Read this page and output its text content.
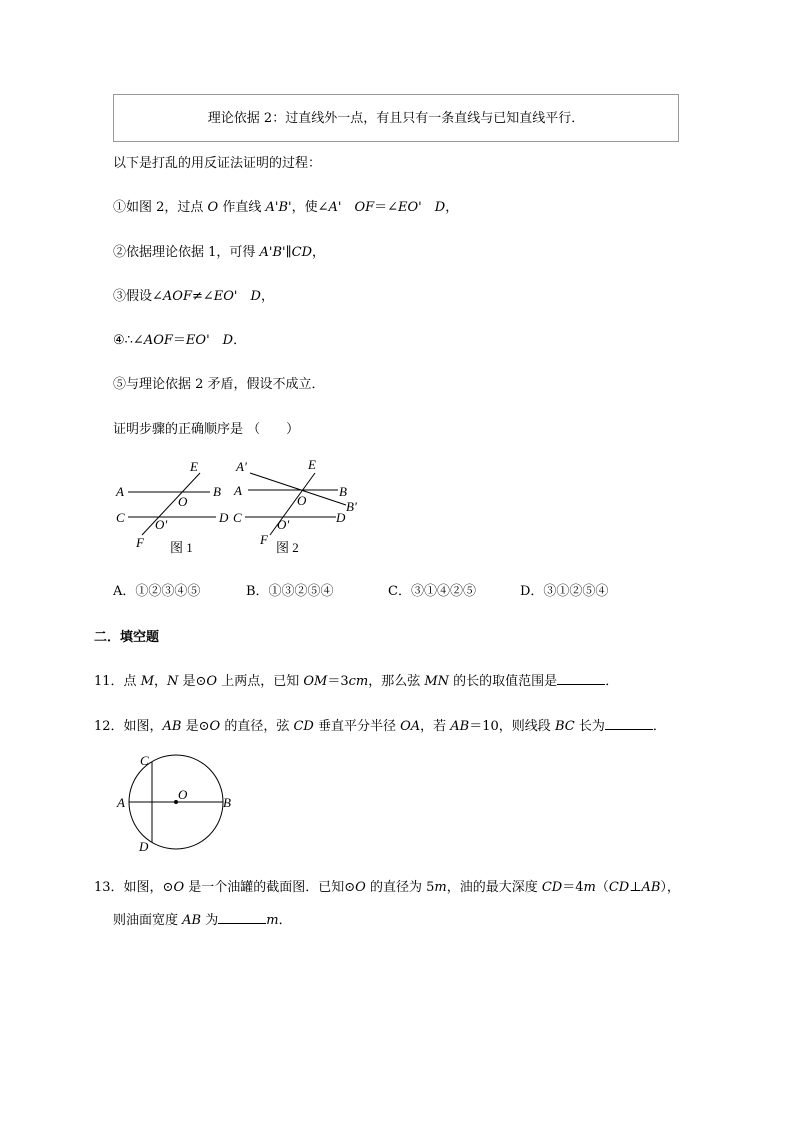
理论依据 2：过直线外一点，有且只有一条直线与已知直线平行．
以下是打乱的用反证法证明的过程：
①如图 2，过点 O 作直线 A'B'，使∠A'　OF＝∠EO'　D，
②依据理论依据 1，可得 A'B'∥CD，
③假设∠AOF≠∠EO'　D，
④∴∠AOF＝EO'　D．
⑤与理论依据 2 矛盾，假设不成立．
证明步骤的正确顺序是 （　　）
E
A	B
O
C	D
O'
F 图 1
A'	E
A	B
B'
O
C	D
O'
F
图 2
A．①②③④⑤	B．①③②⑤④	C．③①④②⑤	D．③①②⑤④
二．填空题
11．点 M，N 是⊙O 上两点，已知 OM＝3cm，那么弦 MN 的长的取值范围是	．
12．如图，AB 是⊙O 的直径，弦 CD 垂直平分半径 OA，若 AB＝10，则线段 BC 长为	．
C
O
A	B
D
13．如图，⊙O 是一个油罐的截面图．已知⊙O 的直径为 5m，油的最大深度 CD＝4m（CD⊥AB），
则油面宽度 AB 为	m．
